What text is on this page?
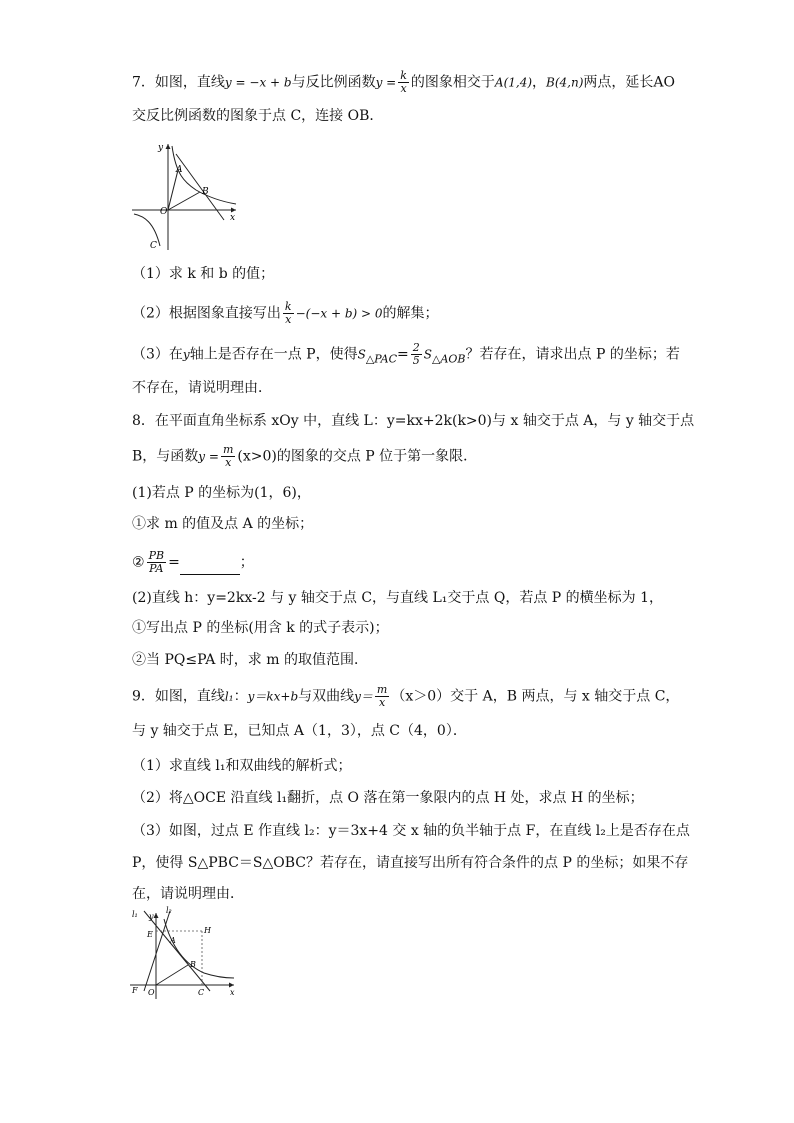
7．如图，直线y = −x + b与反比例函数$y = \frac{k}{x}$ 的图象相交于A(1,4)，B(4,n)两点，延长AO
交反比例函数的图象于点 C，连接 OB．
y
x
A
B
O
C
（1）求 k 和 b 的值；
（2）根据图象直接写出 $\frac{k}{x} -(-x + b) > 0$的解集；
（3）在y轴上是否存在一点 P，使得$S_{\triangle PAC}= \frac{2}{5} S_{\triangle AOB}$？若存在，请求出点 P 的坐标；若
不存在，请说明理由．
8．在平面直角坐标系 xOy 中，直线 L：y=kx+2k(k>0)与 x 轴交于点 A，与 y 轴交于点
B，与函数$y = \frac{m}{x} (x>0)$的图象的交点 P 位于第一象限．
(1)若点 P 的坐标为(1，6)，
①求 m 的值及点 A 的坐标；
② $\frac{PB}{PA}$ =	；
(2)直线 h：y=2kx-2 与 y 轴交于点 C，与直线 L₁交于点 Q，若点 P 的横坐标为 1，
①写出点 P 的坐标(用含 k 的式子表示)；
②当 PQ≤PA 时，求 m 的取值范围．
9．如图，直线l₁：y＝kx+b与双曲线$y= \frac{m}{x} (x>0)$交于 A，B 两点，与 x 轴交于点 C，
与 y 轴交于点 E，已知点 A（1，3），点 C（4，0）．
（1）求直线 l₁和双曲线的解析式；
（2）将△OCE 沿直线 l₁翻折，点 O 落在第一象限内的点 H 处，求点 H 的坐标；
（3）如图，过点 E 作直线 l₂：y＝3x+4 交 x 轴的负半轴于点 F，在直线 l₂上是否存在点
P，使得 S△PBC＝S△OBC？若存在，请直接写出所有符合条件的点 P 的坐标；如果不存
在，请说明理由．
l₁	l₂
y
E
A
H
B
F O	C	x
